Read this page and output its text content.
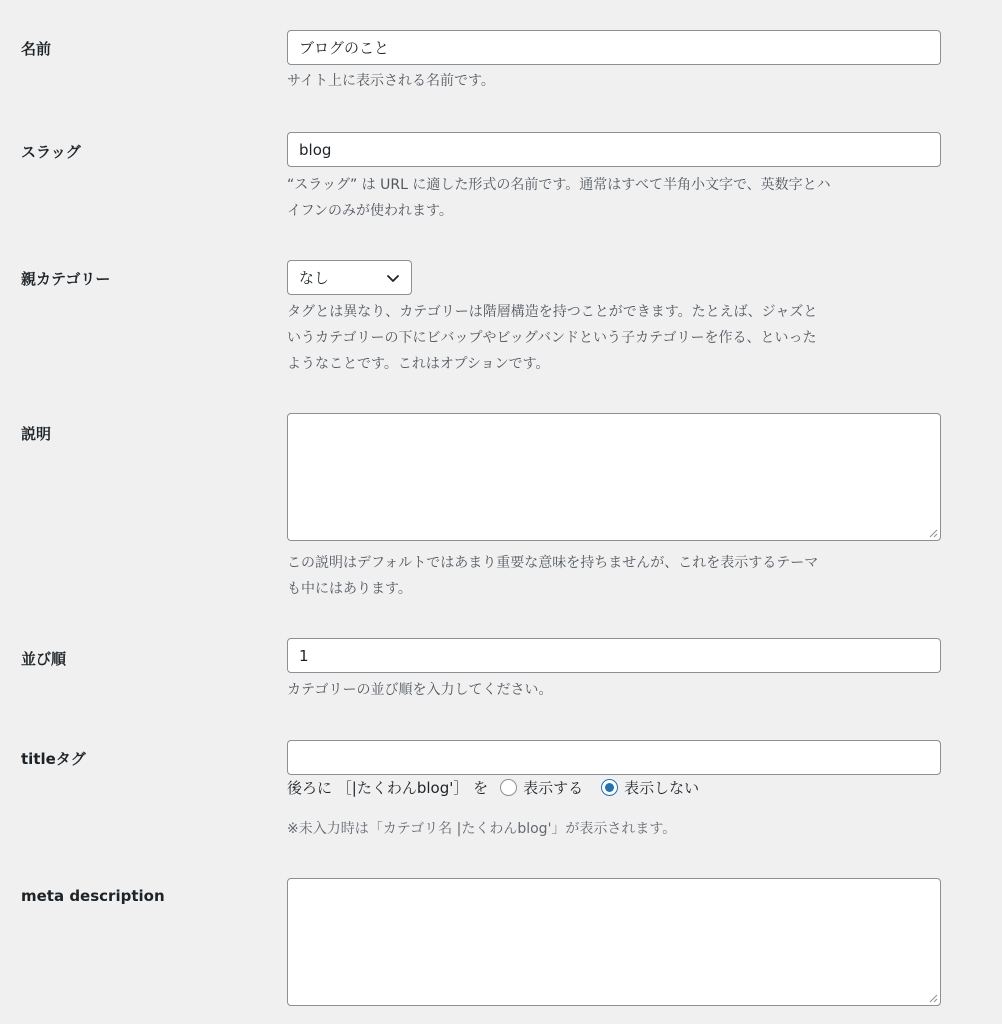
名前	ブログのこと
サイト上に表示される名前です。
スラッグ	blog
“スラッグ” は URL に適した形式の名前です。通常はすべて半角小文字で、英数字とハ
イフンのみが使われます。
親カテゴリー	なし
タグとは異なり、カテゴリーは階層構造を持つことができます。たとえば、ジャズと
いうカテゴリーの下にビバップやビッグバンドという子カテゴリーを作る、といった
ようなことです。これはオプションです。
説明
この説明はデフォルトではあまり重要な意味を持ちませんが、これを表示するテーマ
も中にはあります。
並び順	1
カテゴリーの並び順を入力してください。
titleタグ
後ろに ［|たくわんblog'］ を 表示する	表示しない
※未入力時は「カテゴリ名 |たくわんblog'」が表示されます。
meta description
